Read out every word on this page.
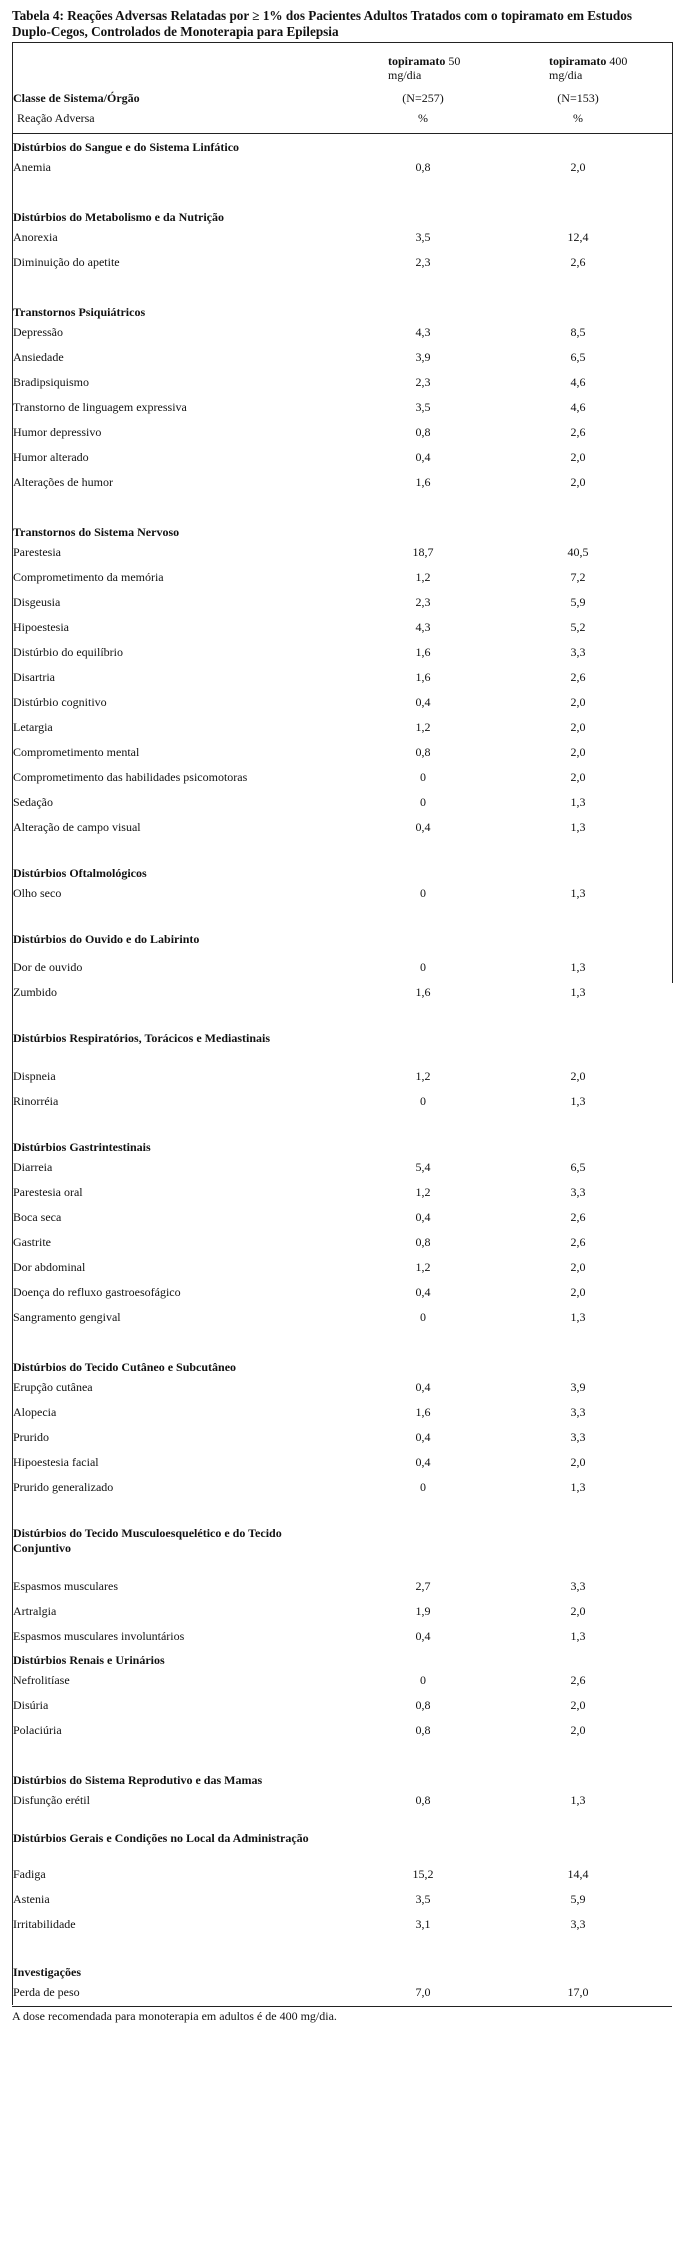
Tabela 4: Reações Adversas Relatadas por ≥ 1% dos Pacientes Adultos Tratados com o topiramato em Estudos Duplo-Cegos, Controlados de Monoterapia para Epilepsia
topiramato 50
mg/dia
topiramato 400
mg/dia
Classe de Sistema/Órgão	(N=257)	(N=153)
Reação Adversa	%	%
Distúrbios do Sangue e do Sistema Linfático
Anemia	0,8	2,0
Distúrbios do Metabolismo e da Nutrição
Anorexia	3,5	12,4
Diminuição do apetite	2,3	2,6
Transtornos Psiquiátricos
Depressão	4,3	8,5
Ansiedade	3,9	6,5
Bradipsiquismo	2,3	4,6
Transtorno de linguagem expressiva	3,5	4,6
Humor depressivo	0,8	2,6
Humor alterado	0,4	2,0
Alterações de humor	1,6	2,0
Transtornos do Sistema Nervoso
Parestesia	18,7	40,5
Comprometimento da memória	1,2	7,2
Disgeusia	2,3	5,9
Hipoestesia	4,3	5,2
Distúrbio do equilíbrio	1,6	3,3
Disartria	1,6	2,6
Distúrbio cognitivo	0,4	2,0
Letargia	1,2	2,0
Comprometimento mental	0,8	2,0
Comprometimento das habilidades psicomotoras	0	2,0
Sedação	0	1,3
Alteração de campo visual	0,4	1,3
Distúrbios Oftalmológicos
Olho seco	0	1,3
Distúrbios do Ouvido e do Labirinto
Dor de ouvido	0	1,3
Zumbido	1,6	1,3
Distúrbios Respiratórios, Torácicos e Mediastinais
Dispneia	1,2	2,0
Rinorréia	0	1,3
Distúrbios Gastrintestinais
Diarreia	5,4	6,5
Parestesia oral	1,2	3,3
Boca seca	0,4	2,6
Gastrite	0,8	2,6
Dor abdominal	1,2	2,0
Doença do refluxo gastroesofágico	0,4	2,0
Sangramento gengival	0	1,3
Distúrbios do Tecido Cutâneo e Subcutâneo
Erupção cutânea	0,4	3,9
Alopecia	1,6	3,3
Prurido	0,4	3,3
Hipoestesia facial	0,4	2,0
Prurido generalizado	0	1,3
Distúrbios do Tecido Musculoesquelético e do Tecido Conjuntivo
Espasmos musculares	2,7	3,3
Artralgia	1,9	2,0
Espasmos musculares involuntários	0,4	1,3
Distúrbios Renais e Urinários
Nefrolitíase	0	2,6
Disúria	0,8	2,0
Polaciúria	0,8	2,0
Distúrbios do Sistema Reprodutivo e das Mamas
Disfunção erétil	0,8	1,3
Distúrbios Gerais e Condições no Local da Administração
Fadiga	15,2	14,4
Astenia	3,5	5,9
Irritabilidade	3,1	3,3
Investigações
Perda de peso	7,0	17,0
A dose recomendada para monoterapia em adultos é de 400 mg/dia.
